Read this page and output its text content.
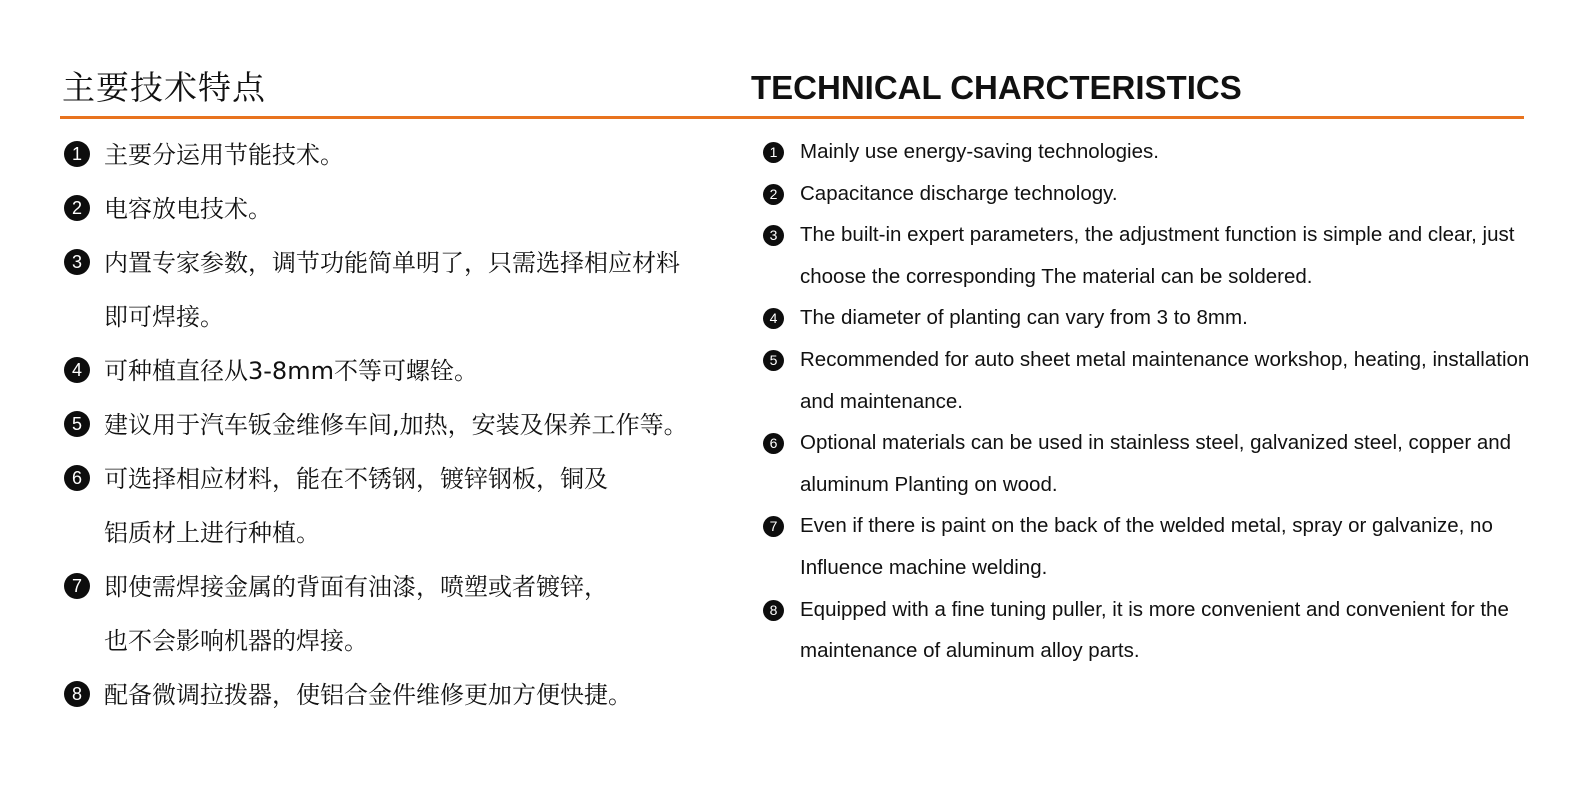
主要技术特点	TECHNICAL CHARCTERISTICS
1 主要分运用节能技术。
2 电容放电技术。
3 内置专家参数，调节功能简单明了，只需选择相应材料即可焊接。
4 可种植直径从3-8mm不等可螺铨。
5 建议用于汽车钣金维修车间,加热，安装及保养工作等。
6 可选择相应材料，能在不锈钢，镀锌钢板，铜及铝质材上进行种植。
7 即使需焊接金属的背面有油漆，喷塑或者镀锌，也不会影响机器的焊接。
8 配备微调拉拨器，使铝合金件维修更加方便快捷。
1	Mainly use energy-saving technologies.
2	Capacitance discharge technology.
3	The built-in expert parameters, the adjustment function is simple and clear, just choose the corresponding The material can be soldered.
4	The diameter of planting can vary from 3 to 8mm.
5	Recommended for auto sheet metal maintenance workshop, heating, installation and maintenance.
6	Optional materials can be used in stainless steel, galvanized steel, copper and aluminum Planting on wood.
7	Even if there is paint on the back of the welded metal, spray or galvanize, no Influence machine welding.
8	Equipped with a fine tuning puller, it is more convenient and convenient for the maintenance of aluminum alloy parts.
